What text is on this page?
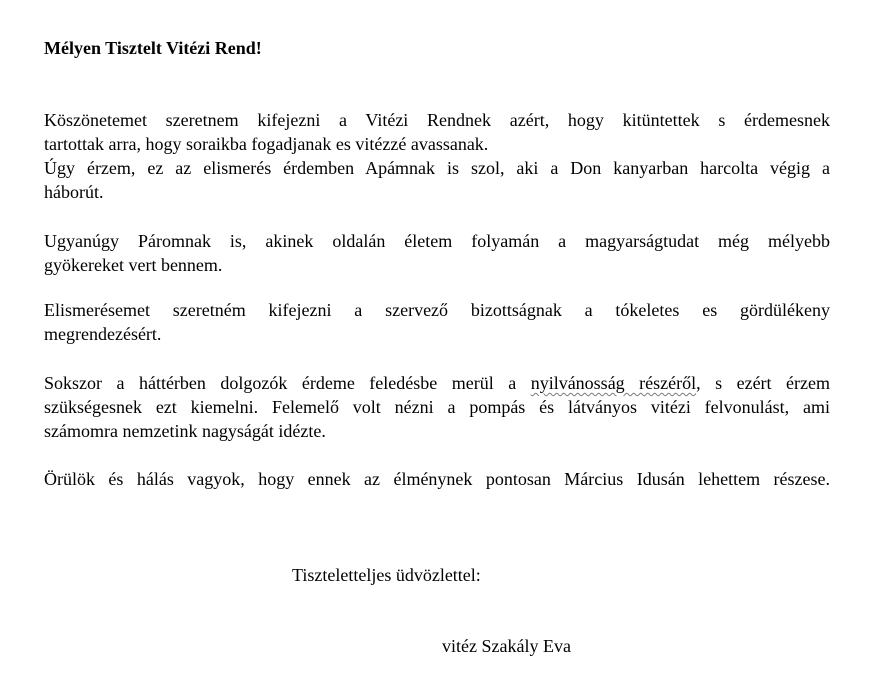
Mélyen Tisztelt Vitézi Rend!

Köszönetemet szeretnem kifejezni a Vitézi Rendnek azért, hogy kitüntettek s érdemesnek
tartottak arra, hogy soraikba fogadjanak es vitézzé avassanak.
Úgy érzem, ez az elismerés érdemben Apámnak is szol, aki a Don kanyarban harcolta végig a
háborút.

Ugyanúgy Páromnak is, akinek oldalán életem folyamán a magyarságtudat még mélyebb
gyökereket vert bennem.

Elismerésemet szeretném kifejezni a szervező bizottságnak a tókeletes es gördülékeny
megrendezésért.

Sokszor a háttérben dolgozók érdeme feledésbe merül a nyilvánosság részéről, s ezért érzem
szükségesnek ezt kiemelni. Felemelő volt nézni a pompás és látványos vitézi felvonulást, ami
számomra nemzetink nagyságát idézte.

Örülök és hálás vagyok, hogy ennek az élménynek pontosan Március Idusán lehettem részese.

Tiszteletteljes üdvözlettel:

vitéz Szakály Eva
